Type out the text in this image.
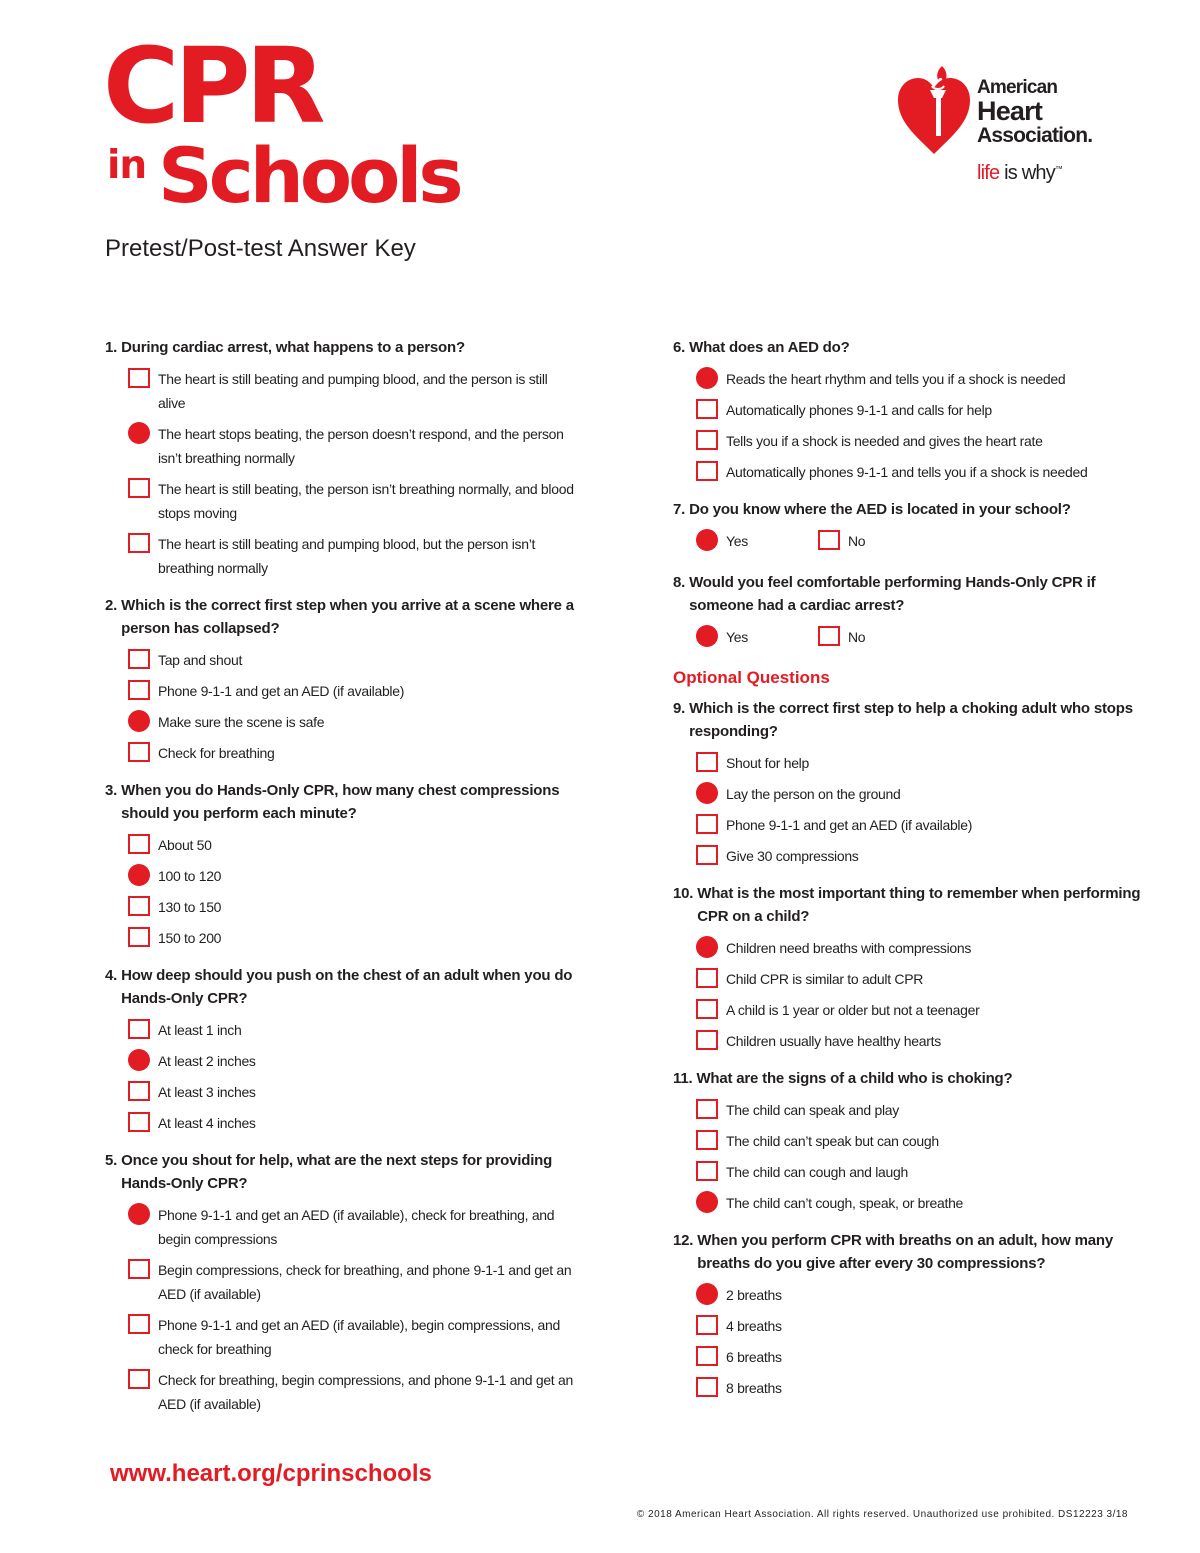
CPR
in Schools
American
Heart
Association.
life is why™
Pretest/Post-test Answer Key
1. During cardiac arrest, what happens to a person?
The heart is still beating and pumping blood, and the person is still alive
The heart stops beating, the person doesn’t respond, and the person isn’t breathing normally
The heart is still beating, the person isn’t breathing normally, and blood stops moving
The heart is still beating and pumping blood, but the person isn’t breathing normally
2. Which is the correct first step when you arrive at a scene where a person has collapsed?
Tap and shout
Phone 9-1-1 and get an AED (if available)
Make sure the scene is safe
Check for breathing
3. When you do Hands-Only CPR, how many chest compressions should you perform each minute?
About 50
100 to 120
130 to 150
150 to 200
4. How deep should you push on the chest of an adult when you do Hands-Only CPR?
At least 1 inch
At least 2 inches
At least 3 inches
At least 4 inches
5. Once you shout for help, what are the next steps for providing Hands-Only CPR?
Phone 9-1-1 and get an AED (if available), check for breathing, and begin compressions
Begin compressions, check for breathing, and phone 9-1-1 and get an AED (if available)
Phone 9-1-1 and get an AED (if available), begin compressions, and check for breathing
Check for breathing, begin compressions, and phone 9-1-1 and get an AED (if available)
6. What does an AED do?
Reads the heart rhythm and tells you if a shock is needed
Automatically phones 9-1-1 and calls for help
Tells you if a shock is needed and gives the heart rate
Automatically phones 9-1-1 and tells you if a shock is needed
7. Do you know where the AED is located in your school?
Yes	No
8. Would you feel comfortable performing Hands-Only CPR if someone had a cardiac arrest?
Yes	No
Optional Questions
9. Which is the correct first step to help a choking adult who stops responding?
Shout for help
Lay the person on the ground
Phone 9-1-1 and get an AED (if available)
Give 30 compressions
10. What is the most important thing to remember when performing CPR on a child?
Children need breaths with compressions
Child CPR is similar to adult CPR
A child is 1 year or older but not a teenager
Children usually have healthy hearts
11. What are the signs of a child who is choking?
The child can speak and play
The child can’t speak but can cough
The child can cough and laugh
The child can’t cough, speak, or breathe
12. When you perform CPR with breaths on an adult, how many breaths do you give after every 30 compressions?
2 breaths
4 breaths
6 breaths
8 breaths
www.heart.org/cprinschools
© 2018 American Heart Association. All rights reserved. Unauthorized use prohibited. DS12223 3/18
